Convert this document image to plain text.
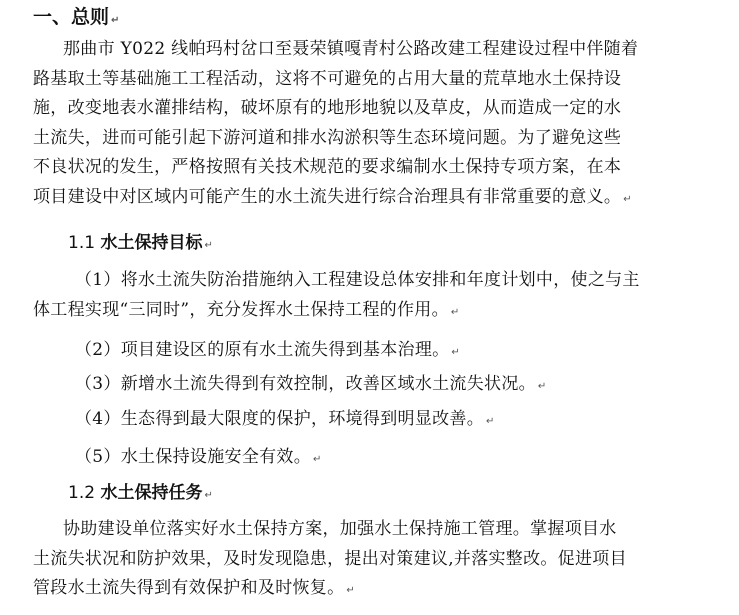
一、总则 ↵
那曲市 Y022 线帕玛村岔口至聂荣镇嘎青村公路改建工程建设过程中伴随着
路基取土等基础施工工程活动，这将不可避免的占用大量的荒草地水土保持设
施，改变地表水灌排结构，破坏原有的地形地貌以及草皮，从而造成一定的水
土流失，进而可能引起下游河道和排水沟淤积等生态环境问题。为了避免这些
不良状况的发生，严格按照有关技术规范的要求编制水土保持专项方案，在本
项目建设中对区域内可能产生的水土流失进行综合治理具有非常重要的意义。 ↵
1.1 水土保持目标 ↵
（1）将水土流失防治措施纳入工程建设总体安排和年度计划中，使之与主
体工程实现“三同时”，充分发挥水土保持工程的作用。 ↵
（2）项目建设区的原有水土流失得到基本治理。 ↵
（3）新增水土流失得到有效控制，改善区域水土流失状况。 ↵
（4）生态得到最大限度的保护，环境得到明显改善。 ↵
（5）水土保持设施安全有效。 ↵
1.2 水土保持任务 ↵
协助建设单位落实好水土保持方案，加强水土保持施工管理。掌握项目水
土流失状况和防护效果，及时发现隐患，提出对策建议,并落实整改。促进项目
管段水土流失得到有效保护和及时恢复。 ↵
